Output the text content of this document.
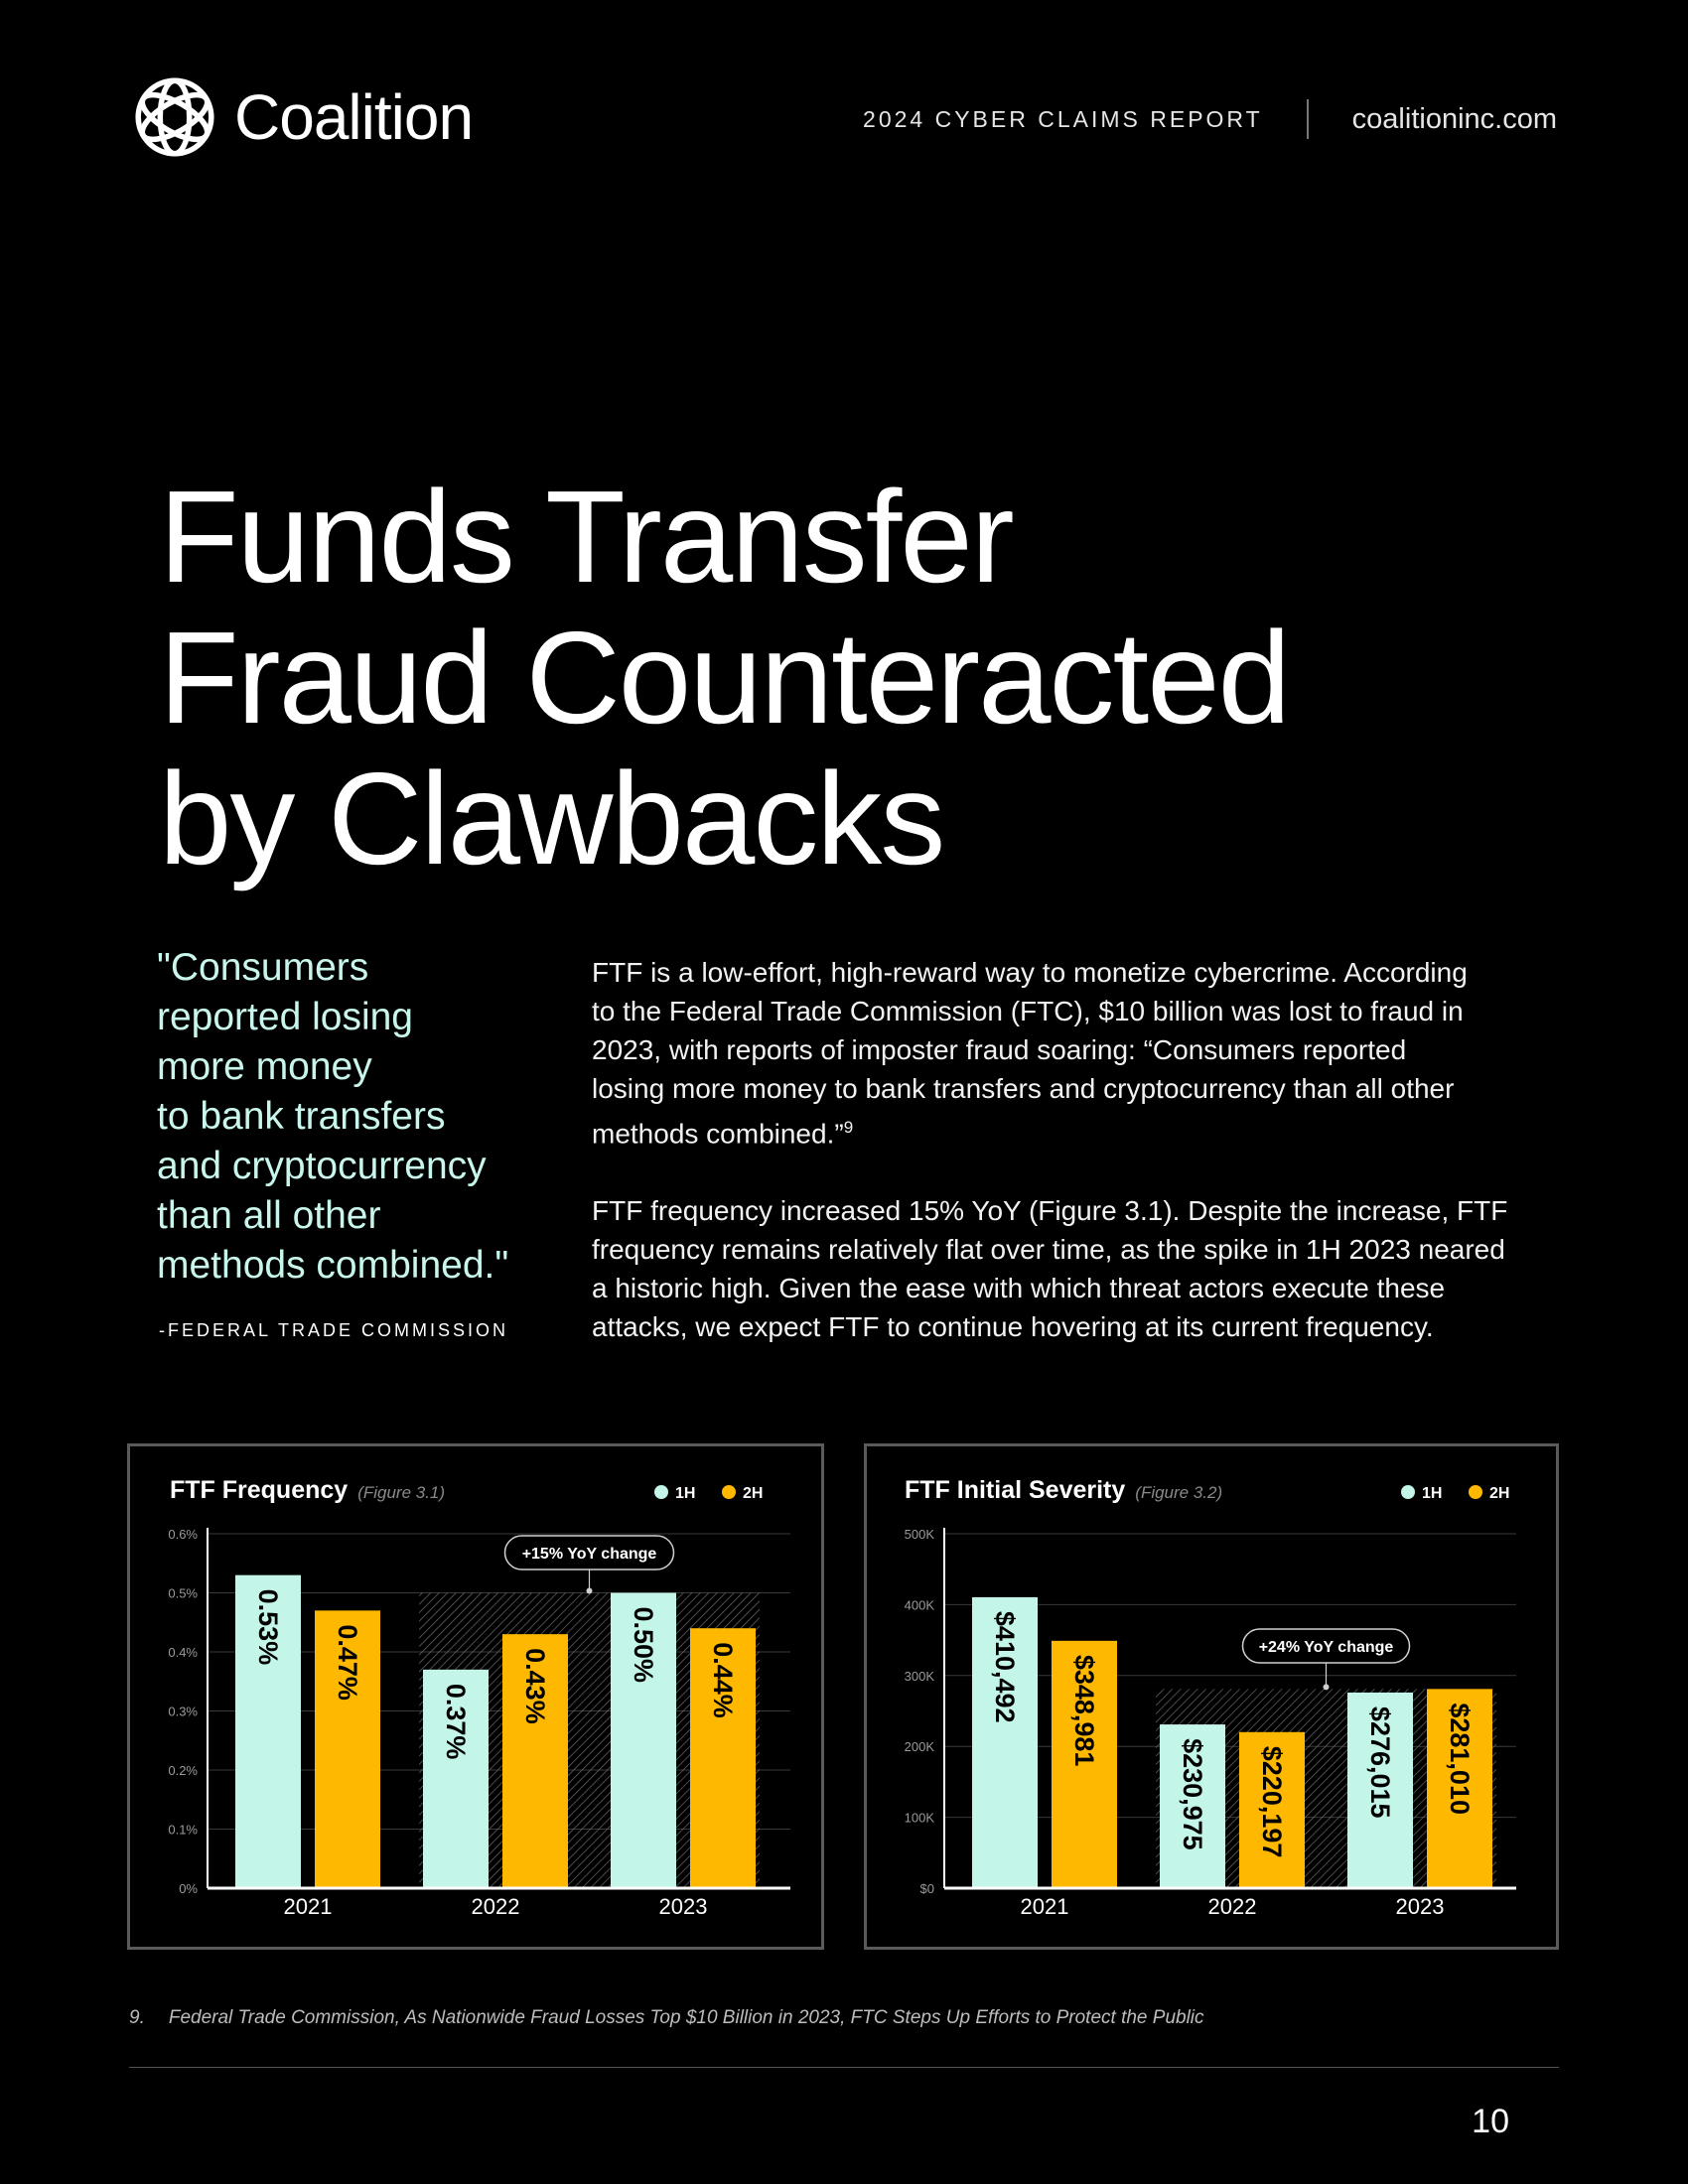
Coalition	2024 CYBER CLAIMS REPORT	coalitioninc.com
Funds Transfer
Fraud Counteracted
by Clawbacks
"Consumers
reported losing
more money
to bank transfers
and cryptocurrency
than all other
methods combined."
-FEDERAL TRADE COMMISSION

FTF is a low-effort, high-reward way to monetize cybercrime. According
to the Federal Trade Commission (FTC), $10 billion was lost to fraud in
2023, with reports of imposter fraud soaring: “Consumers reported
losing more money to bank transfers and cryptocurrency than all other
methods combined.”$^9$

FTF frequency increased 15% YoY (Figure 3.1). Despite the increase, FTF
frequency remains relatively flat over time, as the spike in 1H 2023 neared
a historic high. Given the ease with which threat actors execute these
attacks, we expect FTF to continue hovering at its current frequency.

FTF Frequency (Figure 3.1)	1H	2H
0%
0.1%
0.2%
0.3%
0.4%
0.5%
0.6%
0.53% 0.47%
2021
0.37% 0.43%
2022
0.50% 0.44%
2023
+15% YoY change
FTF Initial Severity (Figure 3.2)	1H	2H
$0
100K
200K
300K
400K
500K
$410,492 $348,981
2021
$230,975 $220,197
2022
$276,015 $281,010
2023
+24% YoY change
9. Federal Trade Commission, As Nationwide Fraud Losses Top $10 Billion in 2023, FTC Steps Up Efforts to Protect the Public
10
